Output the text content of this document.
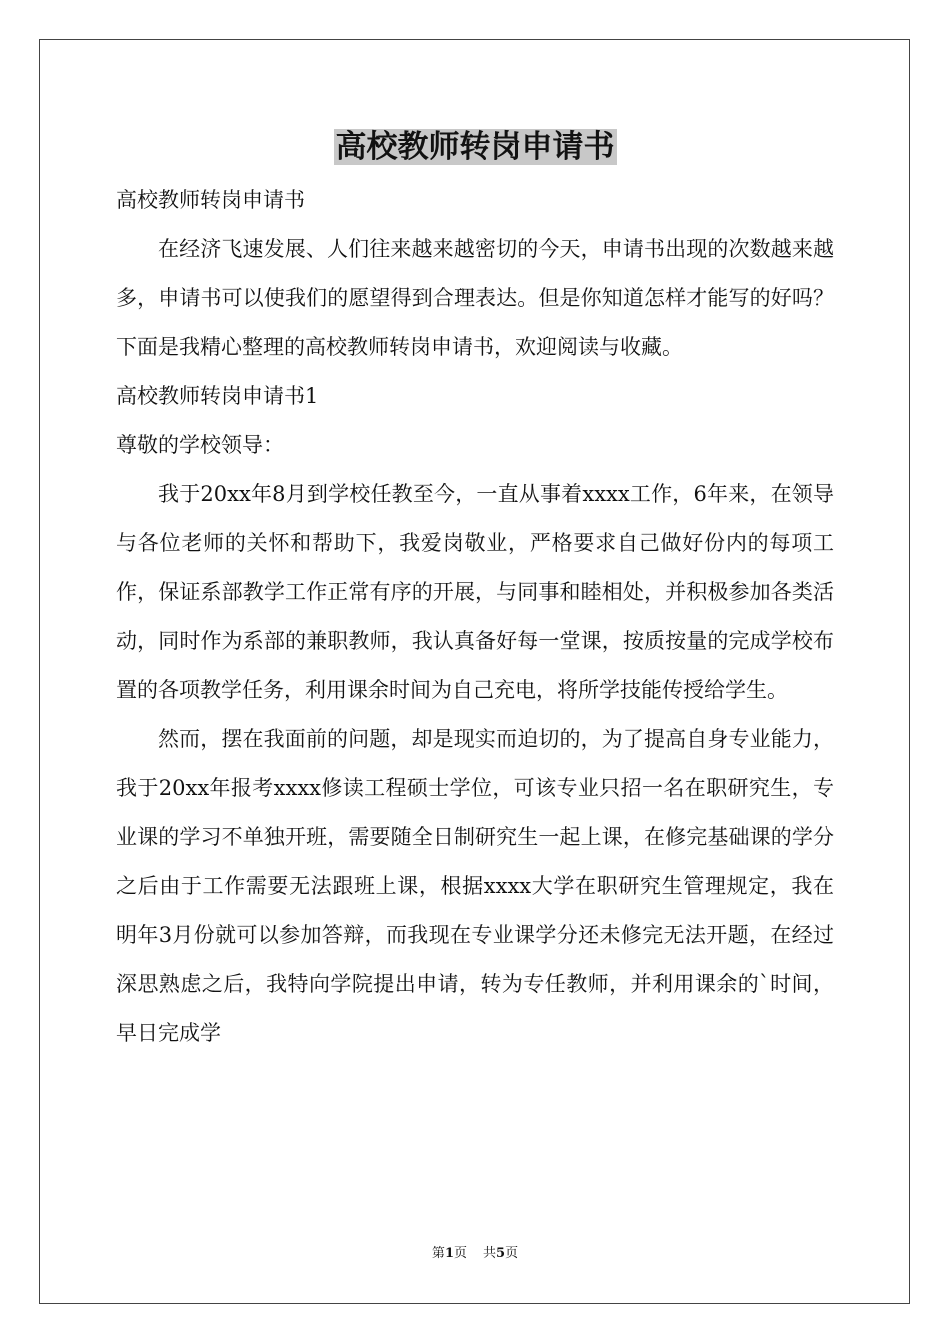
高校教师转岗申请书

高校教师转岗申请书

在经济飞速发展、人们往来越来越密切的今天，申请书出现的次数越来越多，申请书可以使我们的愿望得到合理表达。但是你知道怎样才能写的好吗？下面是我精心整理的高校教师转岗申请书，欢迎阅读与收藏。

高校教师转岗申请书1

尊敬的学校领导：

我于20xx年8月到学校任教至今，一直从事着xxxx工作，6年来，在领导与各位老师的关怀和帮助下，我爱岗敬业，严格要求自己做好份内的每项工作，保证系部教学工作正常有序的开展，与同事和睦相处，并积极参加各类活动，同时作为系部的兼职教师，我认真备好每一堂课，按质按量的完成学校布置的各项教学任务，利用课余时间为自己充电，将所学技能传授给学生。

然而，摆在我面前的问题，却是现实而迫切的，为了提高自身专业能力，我于20xx年报考xxxx修读工程硕士学位，可该专业只招一名在职研究生，专业课的学习不单独开班，需要随全日制研究生一起上课，在修完基础课的学分之后由于工作需要无法跟班上课，根据xxxx大学在职研究生管理规定，我在明年3月份就可以参加答辩，而我现在专业课学分还未修完无法开题，在经过深思熟虑之后，我特向学院提出申请，转为专任教师，并利用课余的`时间，早日完成学

第1页 共5页
